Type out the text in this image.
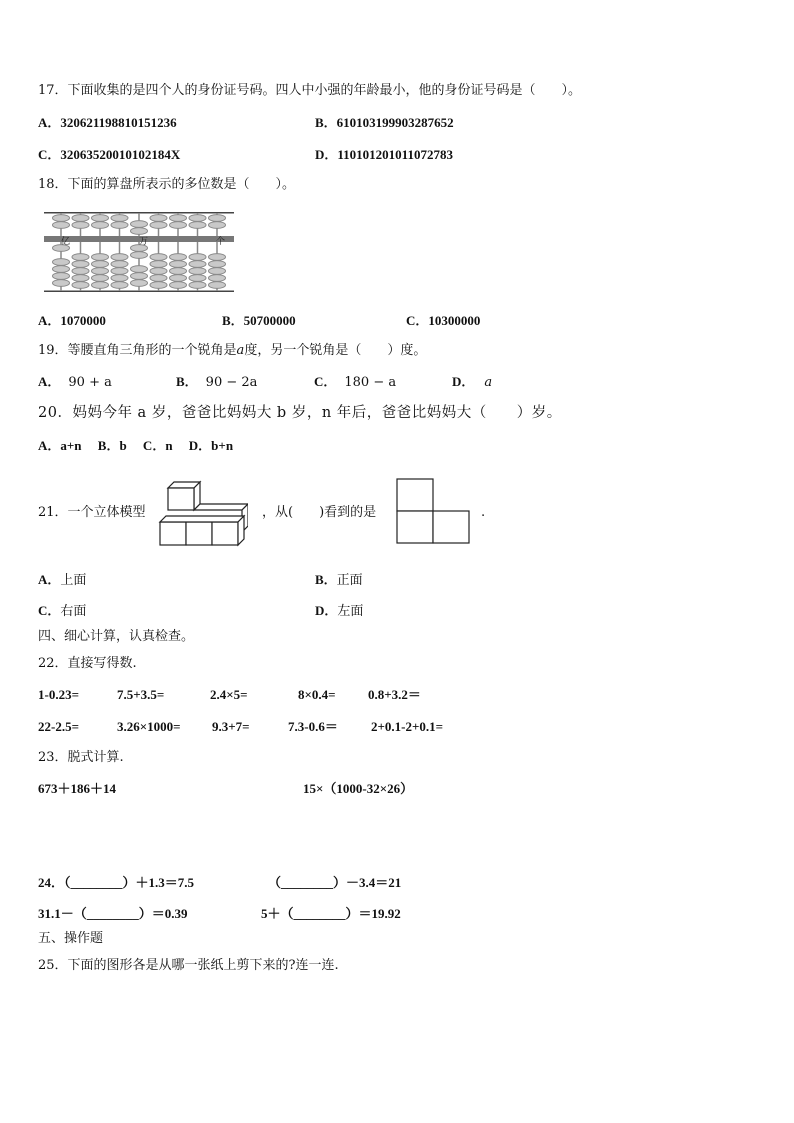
17．下面收集的是四个人的身份证号码。四人中小强的年龄最小，他的身份证号码是（　　）。
A．320621198810151236	B．610103199903287652
C．32063520010102184X	D．110101201011072783
18．下面的算盘所表示的多位数是（　　）。
亿	万	个
A．1070000	B．50700000	C．10300000
19．等腰直角三角形的一个锐角是a度，另一个锐角是（　　）度。
A． 90 + a	B． 90 − 2a	C． 180 − a	D． a
20．妈妈今年 a 岁，爸爸比妈妈大 b 岁，n 年后，爸爸比妈妈大（　　）岁。
A．a+n　 B．b　 C．n　 D．b+n
21．一个立体模型	，从(　　)看到的是	.
A．上面	B．正面
C．右面	D．左面
四、细心计算，认真检查。
22．直接写得数.
1-0.23=	7.5+3.5=	2.4×5=	8×0.4= 0.8+3.2＝
22-2.5=	3.26×1000= 9.3+7=	7.3-0.6＝	2+0.1-2+0.1=
23．脱式计算.
673＋186＋14	15×（1000-32×26）
24．（________）＋1.3＝7.5	（________）－3.4＝21
31.1－（________）＝0.39	5＋（________）＝19.92
五、操作题
25．下面的图形各是从哪一张纸上剪下来的?连一连.
